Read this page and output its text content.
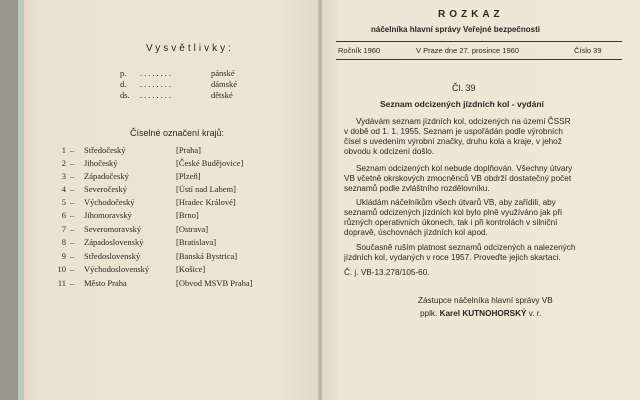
Vysvětlivky:
p. ........	pánské
d. ........	dámské
ds. ........	dětské
Číselné označení krajů:
1 – Středočeský	[Praha]
2 – Jihočeský	[České Budějovice]
3 – Západočeský	[Plzeň]
4 – Severočeský	[Ústí nad Labem]
5 – Východočeský	[Hradec Králové]
6 – Jihomoravský	[Brno]
7 – Severomoravský	[Ostrava]
8 – Západoslovenský	[Bratislava]
9 – Středoslovenský	[Banská Bystrica]
10 – Východoslovenský	[Košice]
11 – Město Praha	[Obvod MSVB Praha]
ROZKAZ
náčelníka hlavní správy Veřejné bezpečnosti
Ročník 1960	V Praze dne 27. prosince 1960	Číslo 39
Čl. 39
Seznam odcizených jízdních kol - vydání
Vydávám seznam jízdních kol, odcizených na území ČSSR
v době od 1. 1. 1955. Seznam je uspořádán podle výrobních
čísel s uvedením výrobní značky, druhu kola a kraje, v jehož
obvodu k odcizení došlo.
Seznam odcizených kol nebude doplňován. Všechny útvary
VB včetně okrskových zmocněnců VB obdrží dostatečný počet
seznamů podle zvláštního rozdělovníku.
Ukládám náčelníkům všech útvarů VB, aby zařídili, aby
seznamů odcizených jízdních kol bylo plně využíváno jak při
různých operativních úkonech, tak i při kontrolách v silniční
dopravě, úschovnách jízdních kol apod.
Současně ruším platnost seznamů odcizených a nalezených
jízdních kol, vydaných v roce 1957. Proveďte jejich skartaci.
Č. j. VB-13.278/105-60.
Zástupce náčelníka hlavní správy VB
pplk. Karel KUTNOHORSKÝ v. r.
